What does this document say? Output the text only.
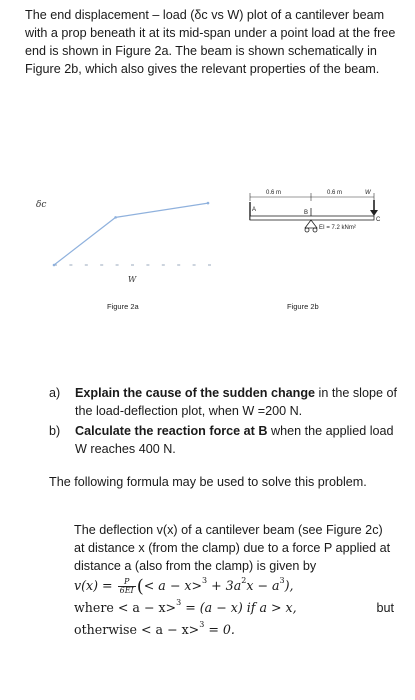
The end displacement – load (δc vs W) plot of a cantilever beam with a prop beneath it at its mid-span under a point load at the free end is shown in Figure 2a. The beam is shown schematically in Figure 2b, which also gives the relevant properties of the beam.
δc
W
Figure 2a
0.6 m	0.6 m	W
A
C
B
EI = 7.2 kNm²
Figure 2b
a)	Explain the cause of the sudden change in the slope of the load-deflection plot, when W =200 N.
b)	Calculate the reaction force at B when the applied load W reaches 400 N.
The following formula may be used to solve this problem.
The deflection v(x) of a cantilever beam (see Figure 2c) at distance x (from the clamp) due to a force P applied at distance a (also from the clamp) is given by
$v(x) = \frac{P}{6EI}$ (< $a - x>^3 + 3a^2x - a^3$),
where < a − x>$^3$ = (a − x) if a > x,	but
otherwise < a − x>$^3$ = 0.
